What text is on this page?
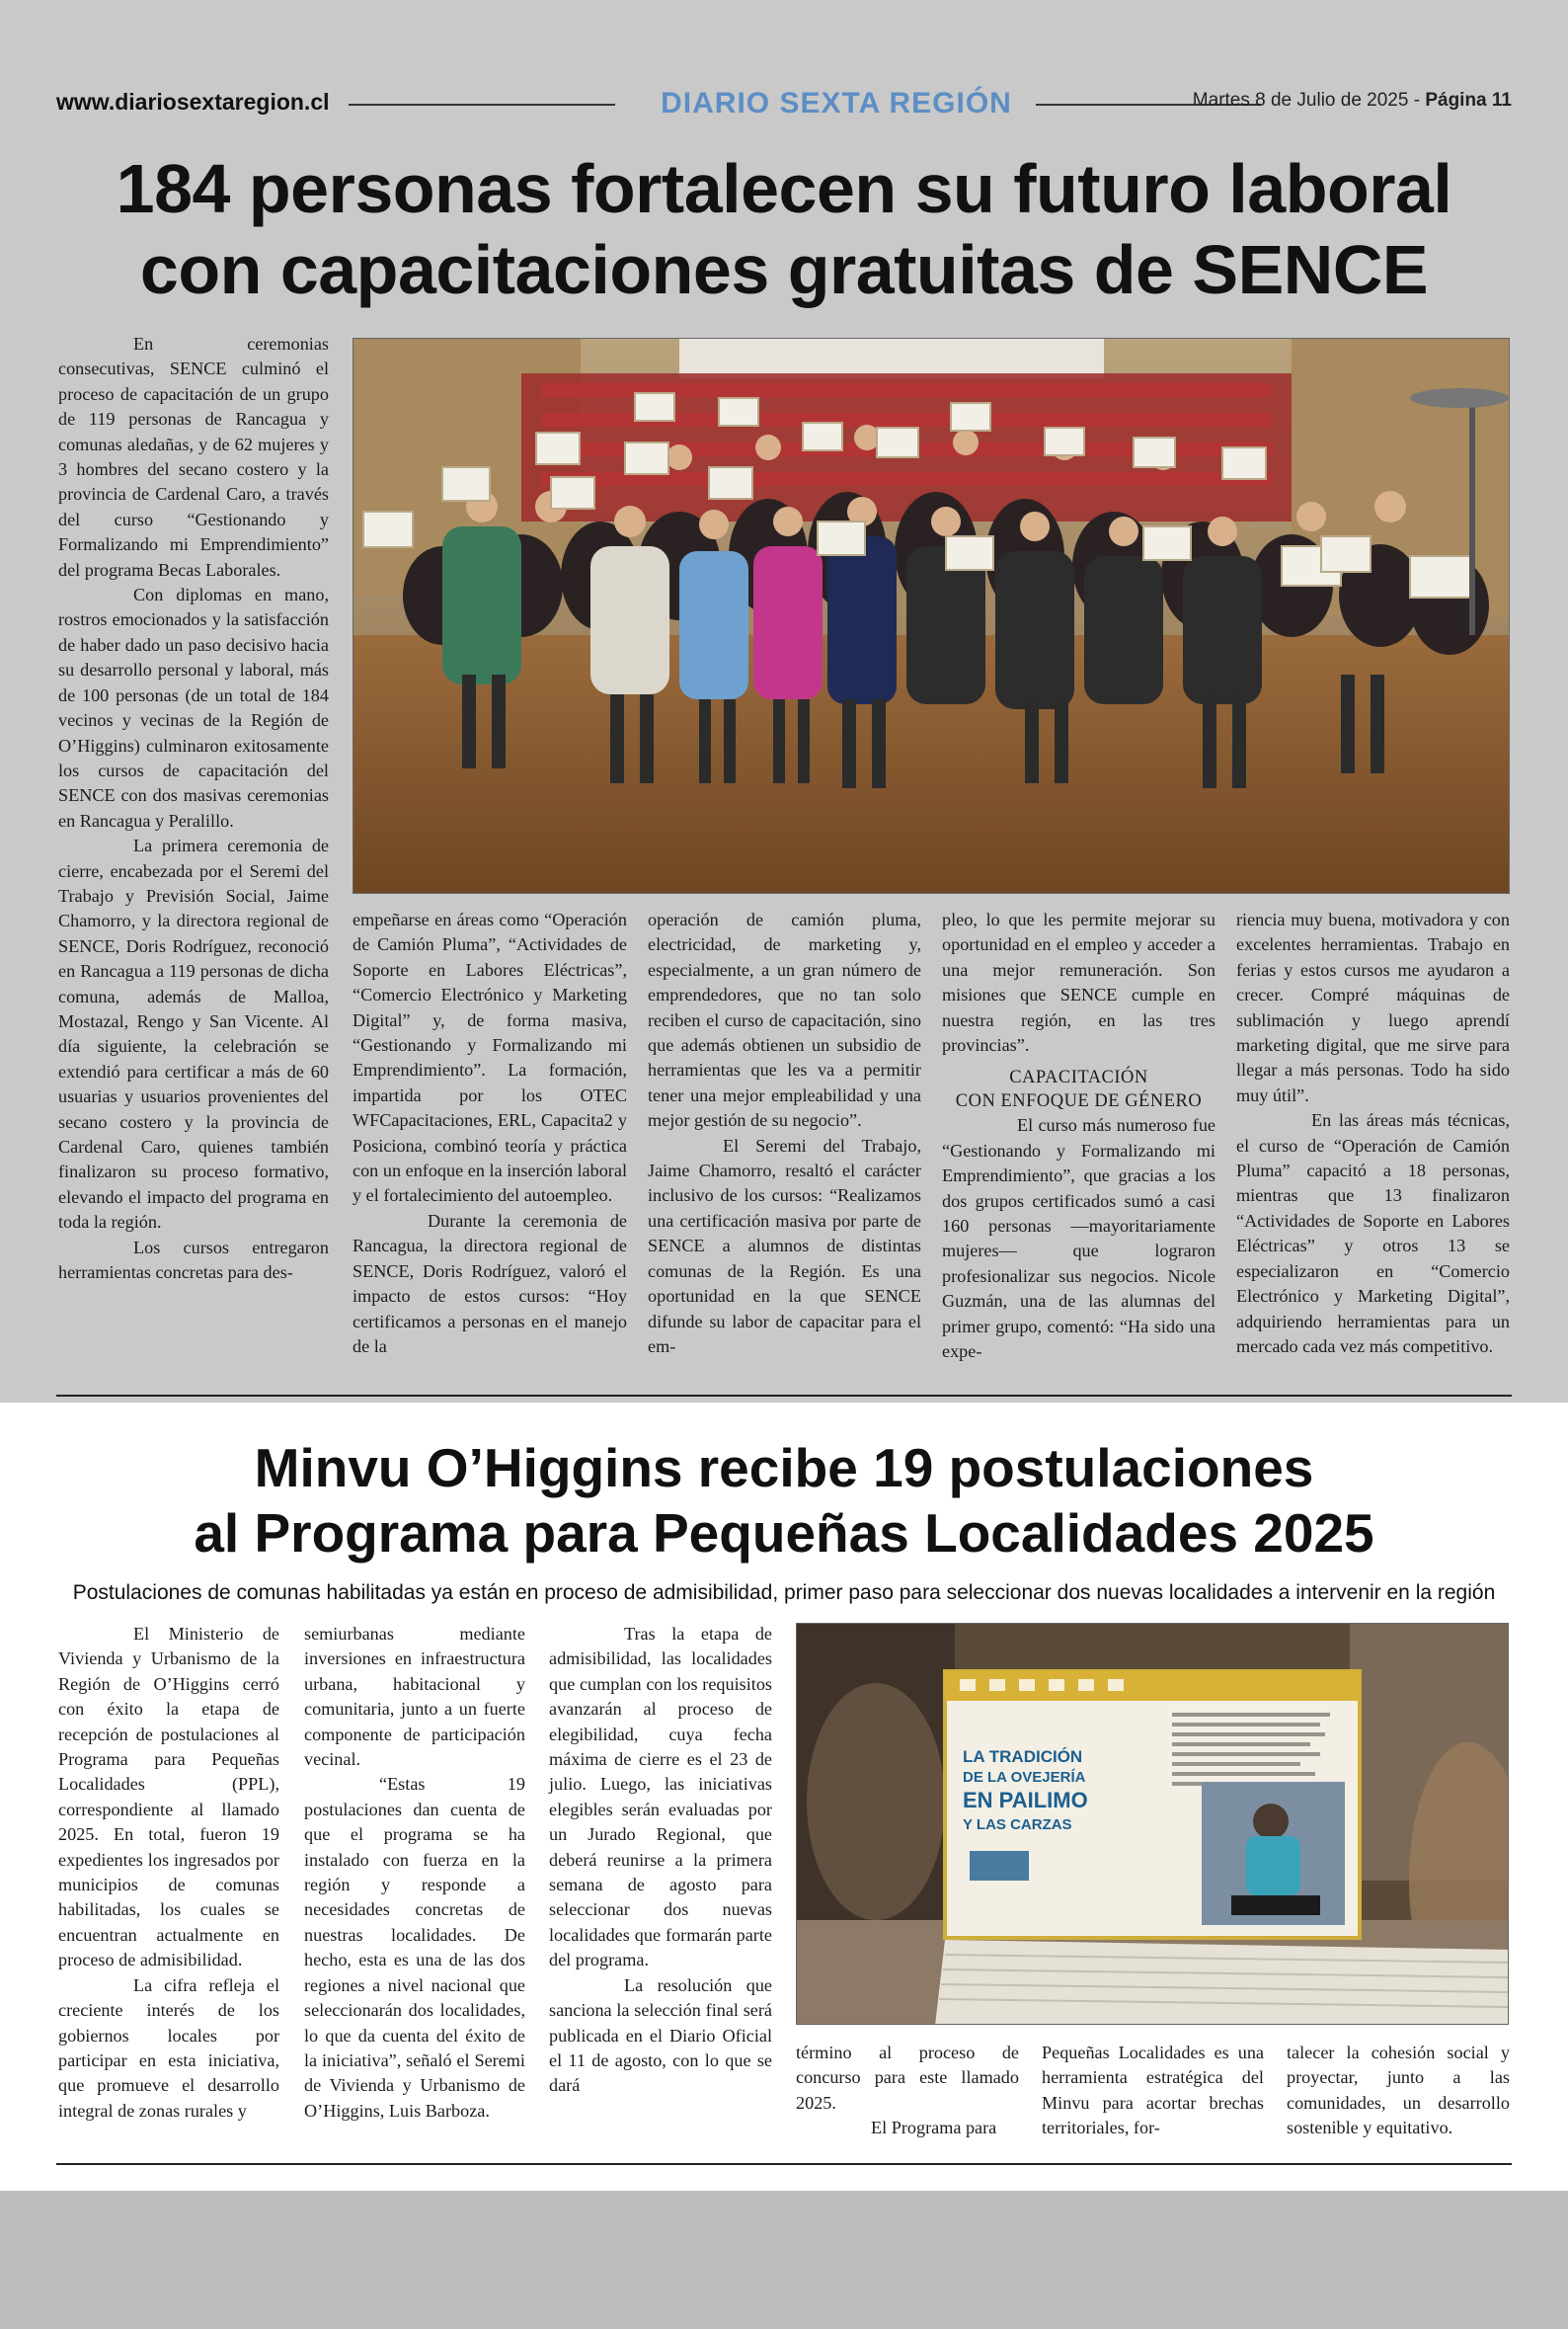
www.diariosextaregion.cl	DIARIO SEXTA REGIÓN	Martes 8 de Julio de 2025 - Página 11
184 personas fortalecen su futuro laboral
con capacitaciones gratuitas de SENCE

En ceremonias consecutivas, SENCE culminó el proceso de capacitación de un grupo de 119 personas de Rancagua y comunas aledañas, y de 62 mujeres y 3 hombres del secano costero y la provincia de Cardenal Caro, a través del curso “Gestionando y Formalizando mi Emprendimiento” del programa Becas Laborales.

Con diplomas en mano, rostros emocionados y la satisfacción de haber dado un paso decisivo hacia su desarrollo personal y laboral, más de 100 personas (de un total de 184 vecinos y vecinas de la Región de O’Higgins) culminaron exitosamente los cursos de capacitación del SENCE con dos masivas ceremonias en Rancagua y Peralillo.

La primera ceremonia de cierre, encabezada por el Seremi del Trabajo y Previsión Social, Jaime Chamorro, y la directora regional de SENCE, Doris Rodríguez, reconoció en Rancagua a 119 personas de dicha comuna, además de Malloa, Mostazal, Rengo y San Vicente. Al día siguiente, la celebración se extendió para certificar a más de 60 usuarias y usuarios provenientes del secano costero y la provincia de Cardenal Caro, quienes también finalizaron su proceso formativo, elevando el impacto del programa en toda la región.

Los cursos entregaron herramientas concretas para des-

empeñarse en áreas como “Operación de Camión Pluma”, “Actividades de Soporte en Labores Eléctricas”, “Comercio Electrónico y Marketing Digital” y, de forma masiva, “Gestionando y Formalizando mi Emprendimiento”. La formación, impartida por los OTEC WFCapacitaciones, ERL, Capacita2 y Posiciona, combinó teoría y práctica con un enfoque en la inserción laboral y el fortalecimiento del autoempleo.

Durante la ceremonia de Rancagua, la directora regional de SENCE, Doris Rodríguez, valoró el impacto de estos cursos: “Hoy certificamos a personas en el manejo de la

operación de camión pluma, electricidad, de marketing y, especialmente, a un gran número de emprendedores, que no tan solo reciben el curso de capacitación, sino que además obtienen un subsidio de herramientas que les va a permitir tener una mejor empleabilidad y una mejor gestión de su negocio”.

El Seremi del Trabajo, Jaime Chamorro, resaltó el carácter inclusivo de los cursos: “Realizamos una certificación masiva por parte de SENCE a alumnos de distintas comunas de la Región. Es una oportunidad en la que SENCE difunde su labor de capacitar para el em-

pleo, lo que les permite mejorar su oportunidad en el empleo y acceder a una mejor remuneración. Son misiones que SENCE cumple en nuestra región, en las tres provincias”.

CAPACITACIÓN
CON ENFOQUE DE GÉNERO

El curso más numeroso fue “Gestionando y Formalizando mi Emprendimiento”, que gracias a los dos grupos certificados sumó a casi 160 personas —mayoritariamente mujeres— que lograron profesionalizar sus negocios. Nicole Guzmán, una de las alumnas del primer grupo, comentó: “Ha sido una expe-

riencia muy buena, motivadora y con excelentes herramientas. Trabajo en ferias y estos cursos me ayudaron a crecer. Compré máquinas de sublimación y luego aprendí marketing digital, que me sirve para llegar a más personas. Todo ha sido muy útil”.

En las áreas más técnicas, el curso de “Operación de Camión Pluma” capacitó a 18 personas, mientras que 13 finalizaron “Actividades de Soporte en Labores Eléctricas” y otros 13 se especializaron en “Comercio Electrónico y Marketing Digital”, adquiriendo herramientas para un mercado cada vez más competitivo.

Minvu O’Higgins recibe 19 postulaciones
al Programa para Pequeñas Localidades 2025
Postulaciones de comunas habilitadas ya están en proceso de admisibilidad, primer paso para seleccionar dos nuevas localidades a intervenir en la región

El Ministerio de Vivienda y Urbanismo de la Región de O’Higgins cerró con éxito la etapa de recepción de postulaciones al Programa para Pequeñas Localidades (PPL), correspondiente al llamado 2025. En total, fueron 19 expedientes los ingresados por municipios de comunas habilitadas, los cuales se encuentran actualmente en proceso de admisibilidad.

La cifra refleja el creciente interés de los gobiernos locales por participar en esta iniciativa, que promueve el desarrollo integral de zonas rurales y

semiurbanas mediante inversiones en infraestructura urbana, habitacional y comunitaria, junto a un fuerte componente de participación vecinal.

“Estas 19 postulaciones dan cuenta de que el programa se ha instalado con fuerza en la región y responde a necesidades concretas de nuestras localidades. De hecho, esta es una de las dos regiones a nivel nacional que seleccionarán dos localidades, lo que da cuenta del éxito de la iniciativa”, señaló el Seremi de Vivienda y Urbanismo de O’Higgins, Luis Barboza.

Tras la etapa de admisibilidad, las localidades que cumplan con los requisitos avanzarán al proceso de elegibilidad, cuya fecha máxima de cierre es el 23 de julio. Luego, las iniciativas elegibles serán evaluadas por un Jurado Regional, que deberá reunirse a la primera semana de agosto para seleccionar dos nuevas localidades que formarán parte del programa.

La resolución que sanciona la selección final será publicada en el Diario Oficial el 11 de agosto, con lo que se dará

LA TRADICIÓN
DE LA OVEJERÍA
EN PAILIMO
Y LAS CARZAS

término al proceso de concurso para este llamado 2025.

El Programa para

Pequeñas Localidades es una herramienta estratégica del Minvu para acortar brechas territoriales, for-

talecer la cohesión social y proyectar, junto a las comunidades, un desarrollo sostenible y equitativo.
